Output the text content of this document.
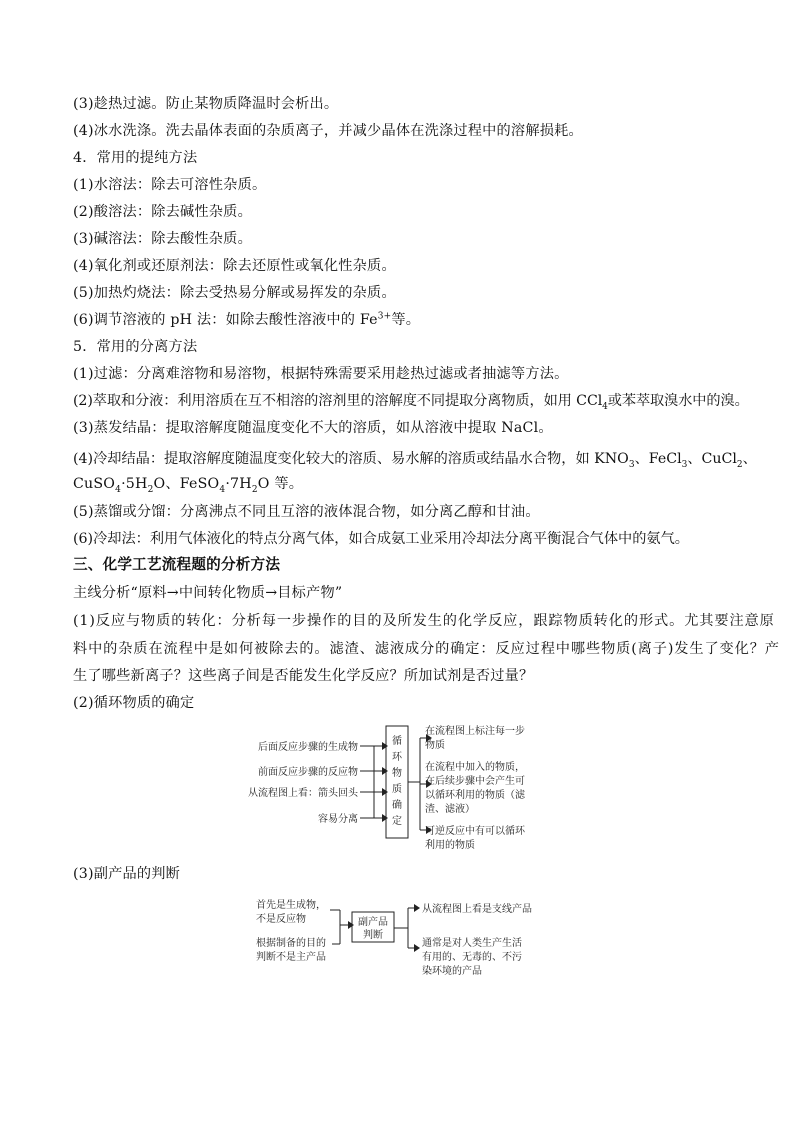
(3)趁热过滤。防止某物质降温时会析出。
(4)冰水洗涤。洗去晶体表面的杂质离子，并减少晶体在洗涤过程中的溶解损耗。
4．常用的提纯方法
(1)水溶法：除去可溶性杂质。
(2)酸溶法：除去碱性杂质。
(3)碱溶法：除去酸性杂质。
(4)氧化剂或还原剂法：除去还原性或氧化性杂质。
(5)加热灼烧法：除去受热易分解或易挥发的杂质。
(6)调节溶液的 pH 法：如除去酸性溶液中的 $Fe^{3+}$等。
5．常用的分离方法
(1)过滤：分离难溶物和易溶物，根据特殊需要采用趁热过滤或者抽滤等方法。
(2)萃取和分液：利用溶质在互不相溶的溶剂里的溶解度不同提取分离物质，如用 CCl$_4$或苯萃取溴水中的溴。
(3)蒸发结晶：提取溶解度随温度变化不大的溶质，如从溶液中提取 NaCl。
(4)冷却结晶：提取溶解度随温度变化较大的溶质、易水解的溶质或结晶水合物，如 $KNO_3$、FeCl$_3$、CuCl$_2$、
$CuSO_4\cdot 5H_2O$、$FeSO_4\cdot 7H_2O$ 等。
(5)蒸馏或分馏：分离沸点不同且互溶的液体混合物，如分离乙醇和甘油。
(6)冷却法：利用气体液化的特点分离气体，如合成氨工业采用冷却法分离平衡混合气体中的氨气。
三、化学工艺流程题的分析方法
主线分析“原料→中间转化物质→目标产物”
(1)反应与物质的转化：分析每一步操作的目的及所发生的化学反应，跟踪物质转化的形式。尤其要注意原
料中的杂质在流程中是如何被除去的。滤渣、滤液成分的确定：反应过程中哪些物质(离子)发生了变化？产
生了哪些新离子？这些离子间是否能发生化学反应？所加试剂是否过量？
(2)循环物质的确定
后面反应步骤的生成物
前面反应步骤的反应物
从流程图上看：箭头回头
容易分离
循
环
物
质
确
定
在流程图上标注每一步
物质
在流程中加入的物质，
在后续步骤中会产生可
以循环利用的物质（滤
渣、滤液）
可逆反应中有可以循环
利用的物质
(3)副产品的判断
首先是生成物，
不是反应物
根据制备的目的
判断不是主产品
副产品
判断
从流程图上看是支线产品
通常是对人类生产生活
有用的、无毒的、不污
染环境的产品
